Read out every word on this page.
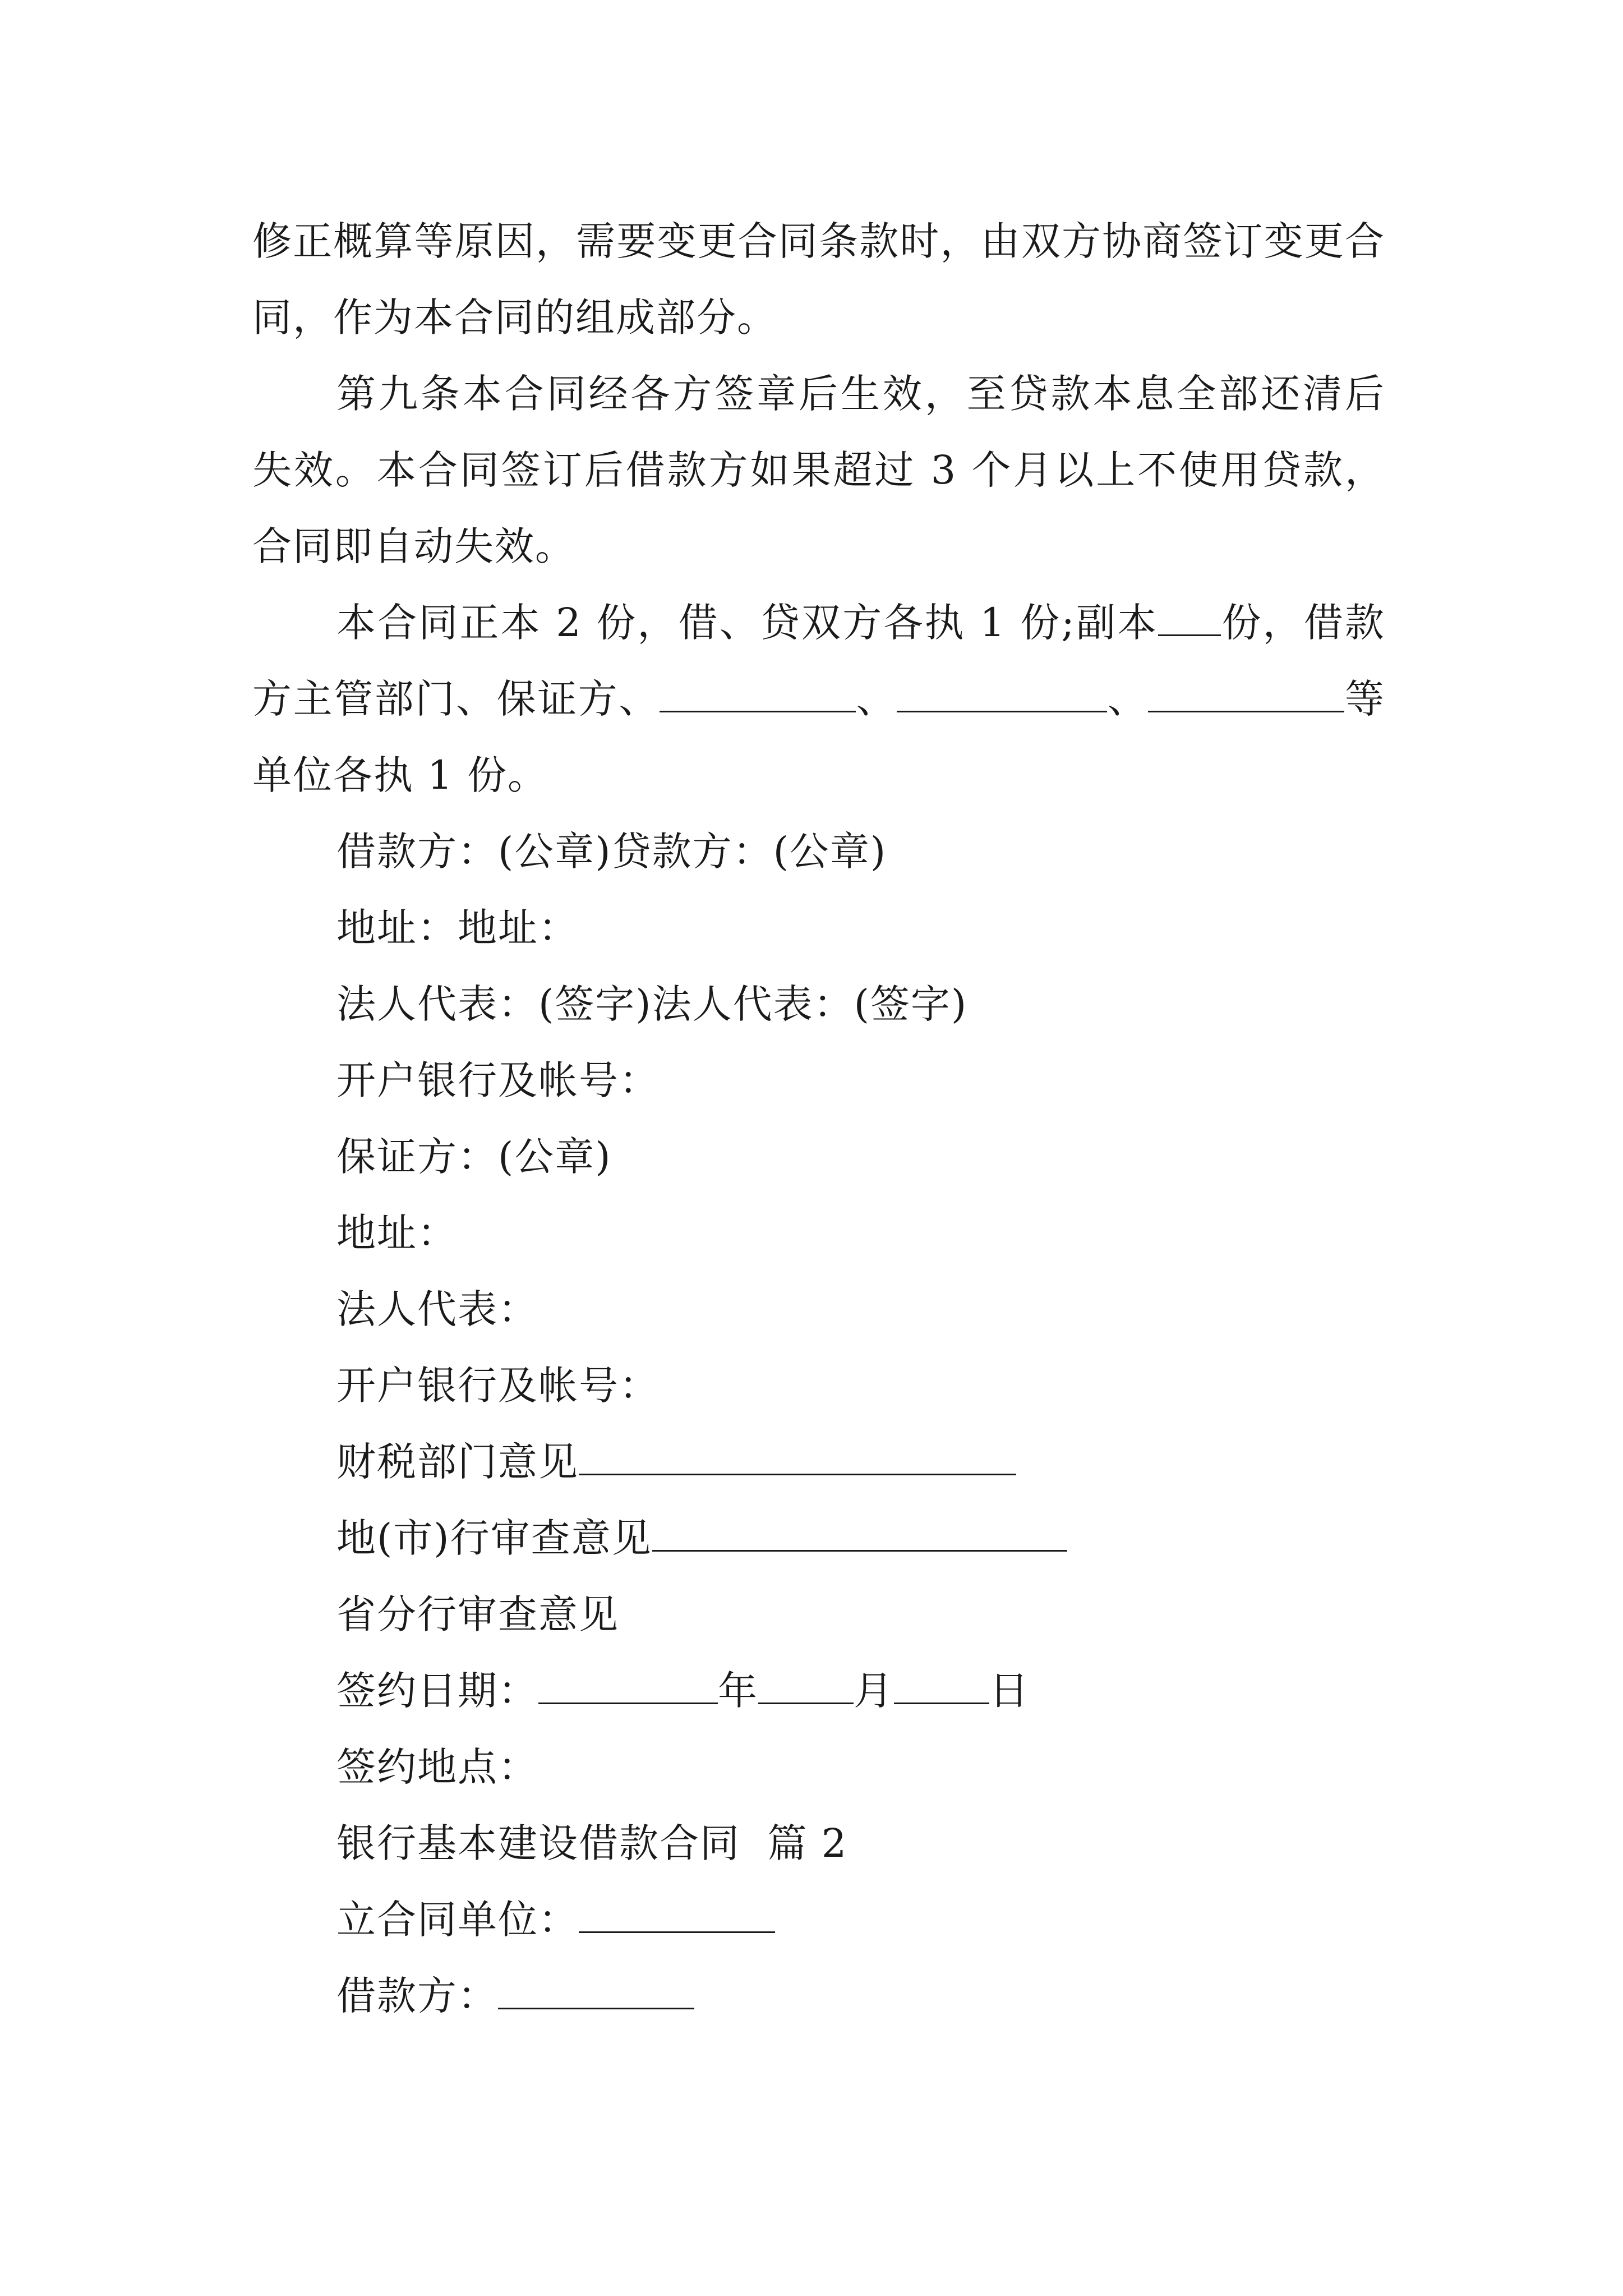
修正概算等原因，需要变更合同条款时，由双方协商签订变更合同，作为本合同的组成部分。

第九条本合同经各方签章后生效，至贷款本息全部还清后失效。本合同签订后借款方如果超过 3 个月以上不使用贷款，合同即自动失效。

本合同正本 2 份，借、贷双方各执 1 份;副本 份，借款方主管部门、保证方、	、	、	等单位各执 1 份。

借款方：(公章)贷款方：(公章)

地址：地址：

法人代表：(签字)法人代表：(签字)

开户银行及帐号：

保证方：(公章)

地址：

法人代表：

开户银行及帐号：

财税部门意见

地(市)行审查意见

省分行审查意见

签约日期：	年 月 日

签约地点：

银行基本建设借款合同  篇 2

立合同单位：

借款方：
